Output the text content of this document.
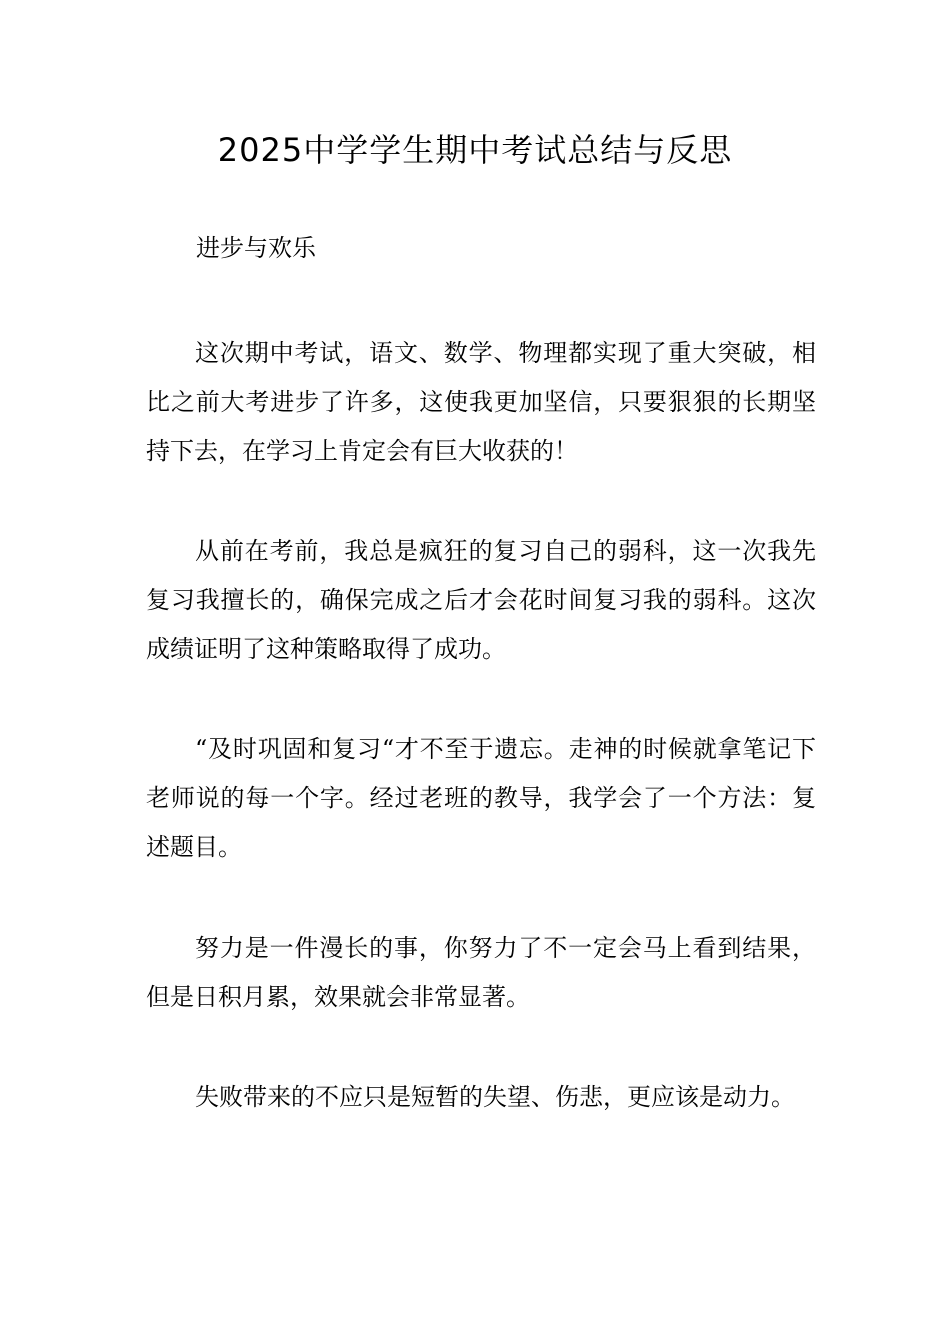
2025中学学生期中考试总结与反思

进步与欢乐

这次期中考试，语文、数学、物理都实现了重大突破，相比之前大考进步了许多，这使我更加坚信，只要狠狠的长期坚持下去，在学习上肯定会有巨大收获的！

从前在考前，我总是疯狂的复习自己的弱科，这一次我先复习我擅长的，确保完成之后才会花时间复习我的弱科。这次成绩证明了这种策略取得了成功。

“及时巩固和复习“才不至于遗忘。走神的时候就拿笔记下老师说的每一个字。经过老班的教导，我学会了一个方法：复述题目。

努力是一件漫长的事，你努力了不一定会马上看到结果，但是日积月累，效果就会非常显著。

失败带来的不应只是短暂的失望、伤悲，更应该是动力。
